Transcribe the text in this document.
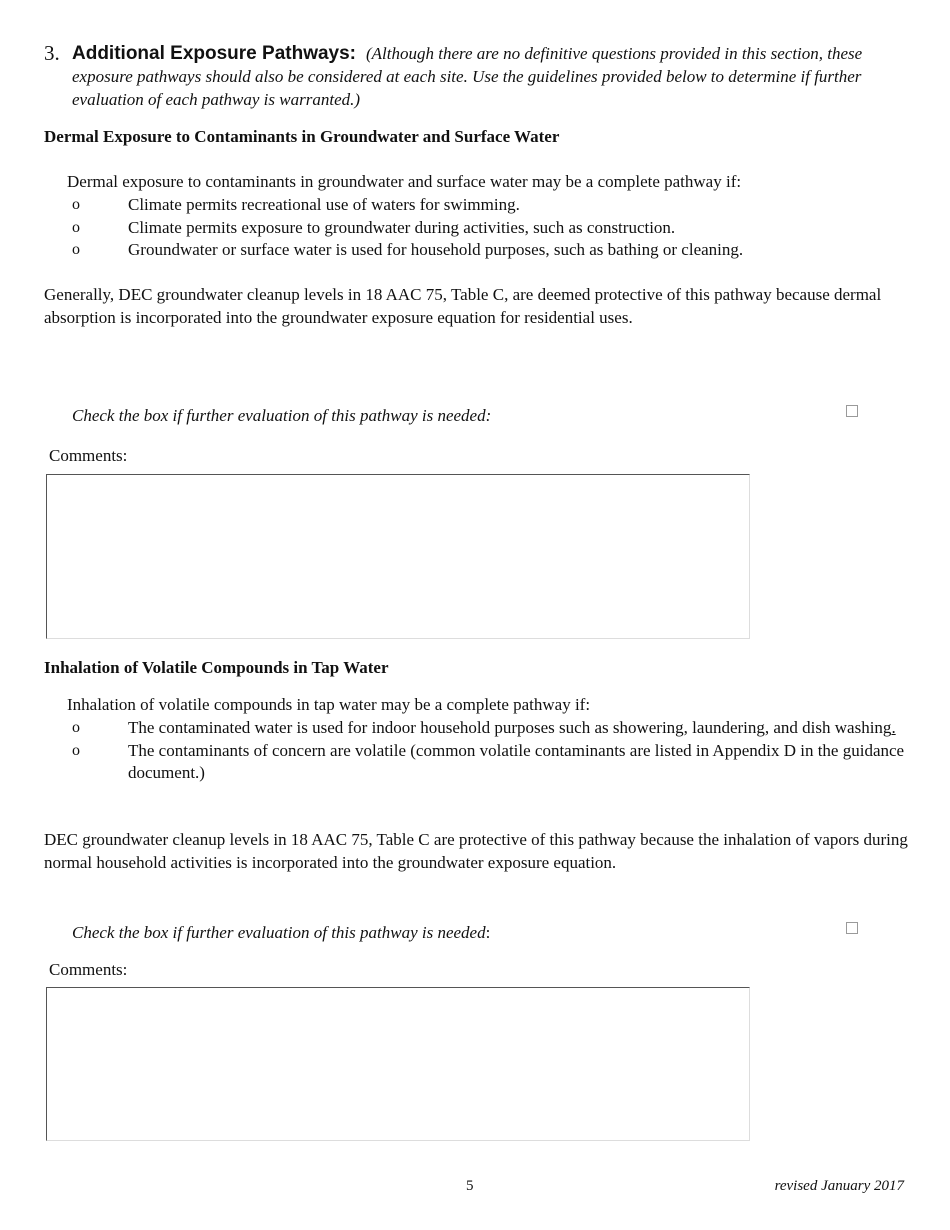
3. Additional Exposure Pathways: (Although there are no definitive questions provided in this section, these exposure pathways should also be considered at each site. Use the guidelines provided below to determine if further evaluation of each pathway is warranted.)
Dermal Exposure to Contaminants in Groundwater and Surface Water
Dermal exposure to contaminants in groundwater and surface water may be a complete pathway if:
o	Climate permits recreational use of waters for swimming.
o	Climate permits exposure to groundwater during activities, such as construction.
o	Groundwater or surface water is used for household purposes, such as bathing or cleaning.
Generally, DEC groundwater cleanup levels in 18 AAC 75, Table C, are deemed protective of this pathway because dermal absorption is incorporated into the groundwater exposure equation for residential uses.
Check the box if further evaluation of this pathway is needed:
Comments:
Inhalation of Volatile Compounds in Tap Water
Inhalation of volatile compounds in tap water may be a complete pathway if:
o	The contaminated water is used for indoor household purposes such as showering, laundering, and dish washing.
o	The contaminants of concern are volatile (common volatile contaminants are listed in Appendix D in the guidance document.)
DEC groundwater cleanup levels in 18 AAC 75, Table C are protective of this pathway because the inhalation of vapors during normal household activities is incorporated into the groundwater exposure equation.
Check the box if further evaluation of this pathway is needed:
Comments:
5	revised January 2017
